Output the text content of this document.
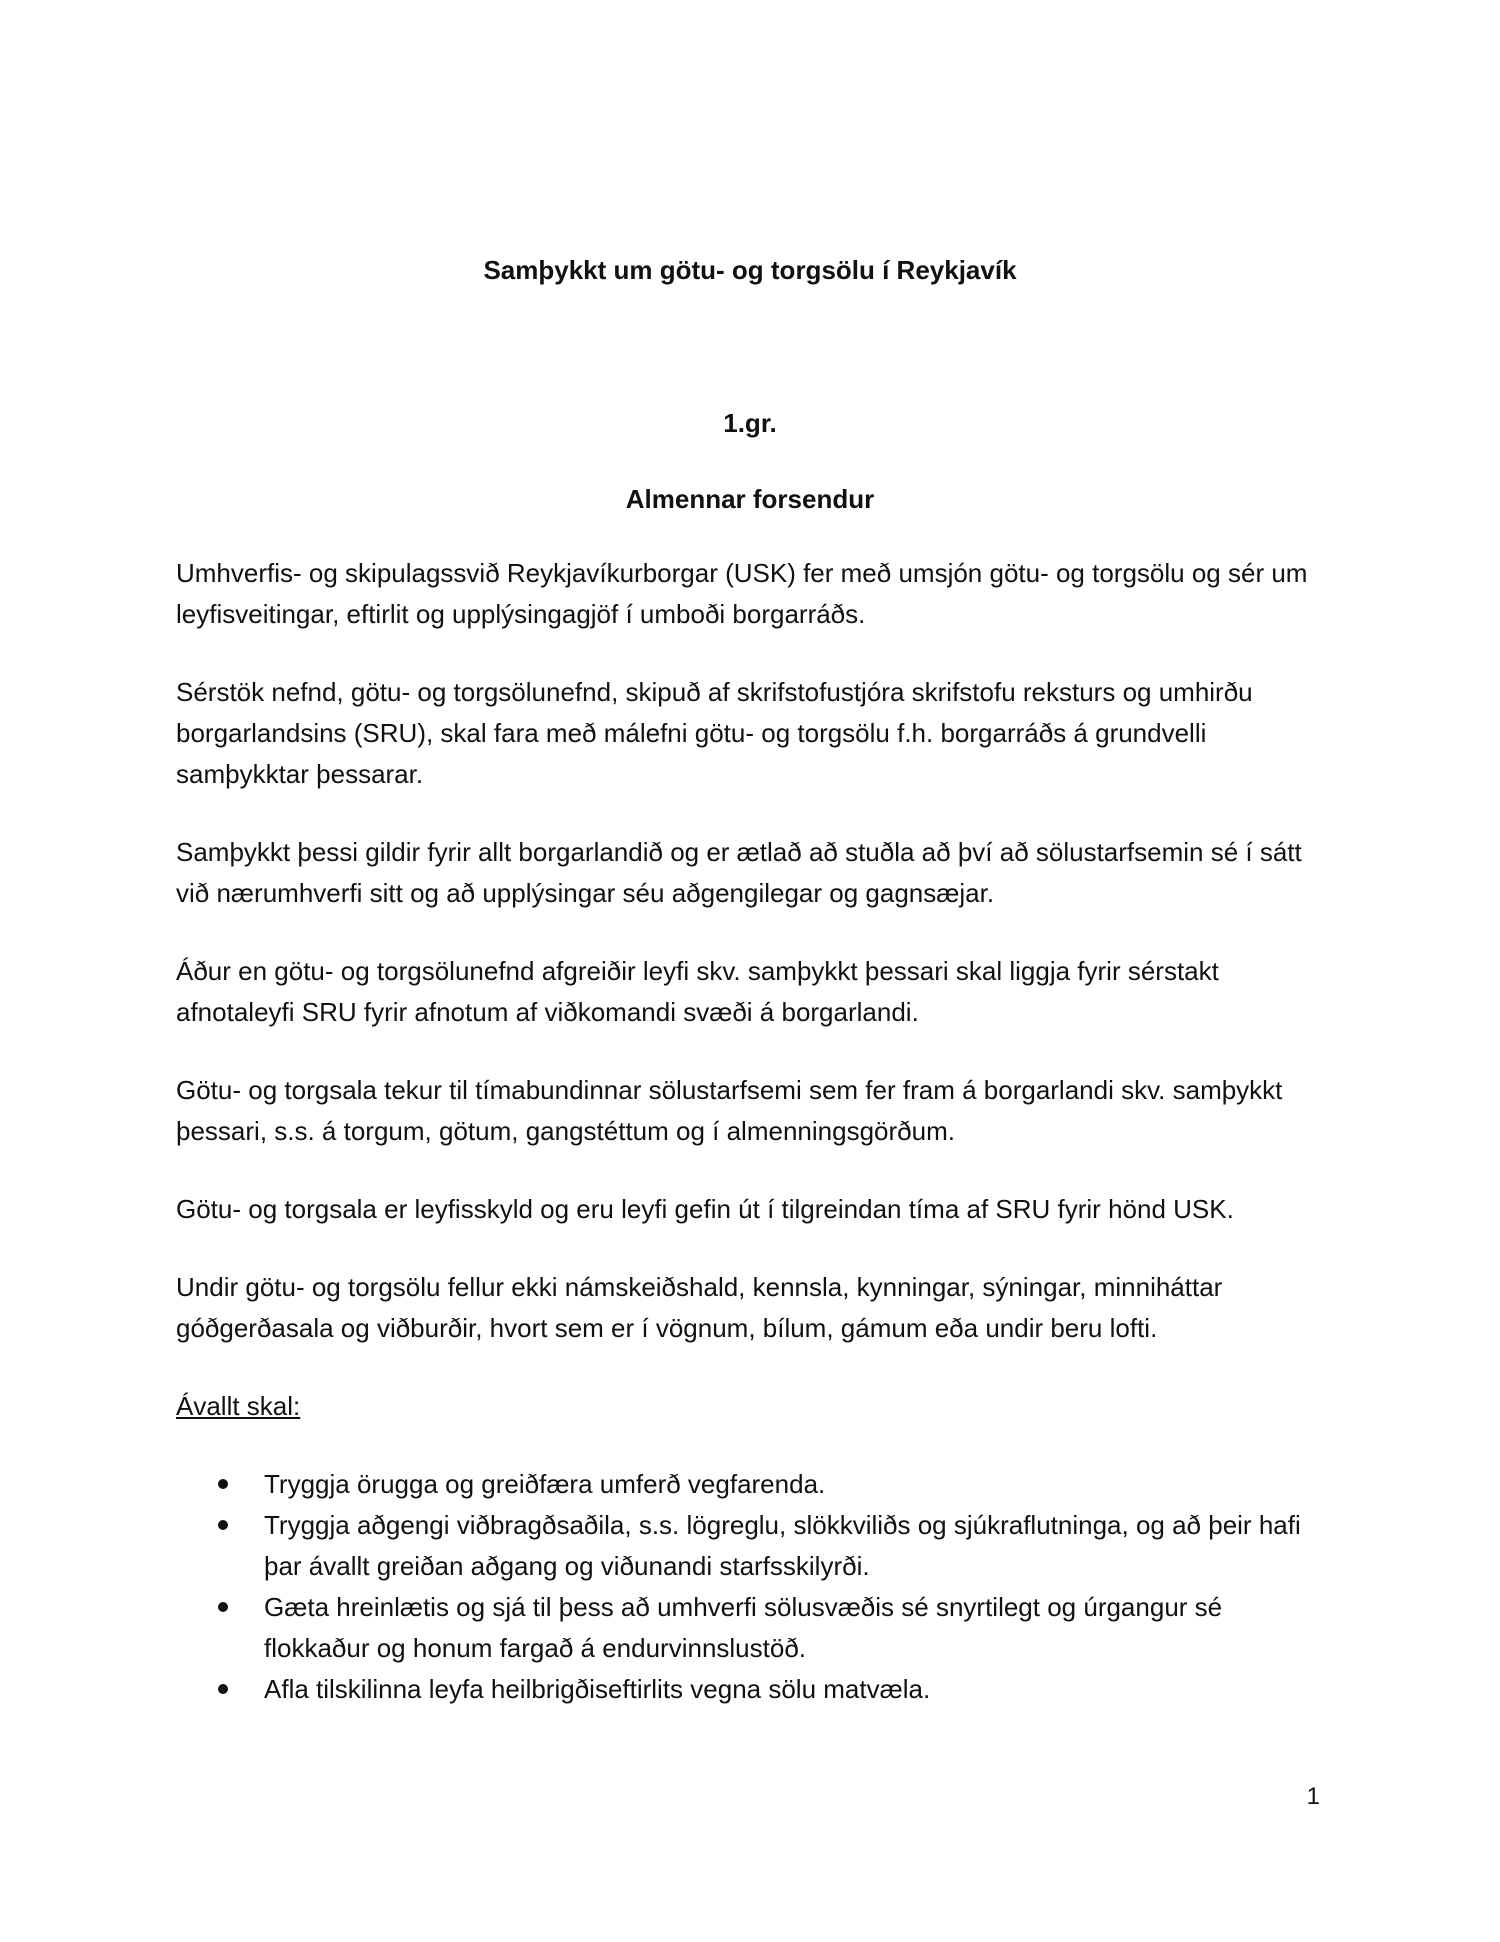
Samþykkt um götu- og torgsölu í Reykjavík
1.gr.
Almennar forsendur

Umhverfis- og skipulagssvið Reykjavíkurborgar (USK) fer með umsjón götu- og torgsölu og sér um leyfisveitingar, eftirlit og upplýsingagjöf í umboði borgarráðs.

Sérstök nefnd, götu- og torgsölunefnd, skipuð af skrifstofustjóra skrifstofu reksturs og umhirðu borgarlandsins (SRU), skal fara með málefni götu- og torgsölu f.h. borgarráðs á grundvelli samþykktar þessarar.

Samþykkt þessi gildir fyrir allt borgarlandið og er ætlað að stuðla að því að sölustarfsemin sé í sátt við nærumhverfi sitt og að upplýsingar séu aðgengilegar og gagnsæjar.

Áður en götu- og torgsölunefnd afgreiðir leyfi skv. samþykkt þessari skal liggja fyrir sérstakt afnotaleyfi SRU fyrir afnotum af viðkomandi svæði á borgarlandi.

Götu- og torgsala tekur til tímabundinnar sölustarfsemi sem fer fram á borgarlandi skv. samþykkt þessari, s.s. á torgum, götum, gangstéttum og í almenningsgörðum.

Götu- og torgsala er leyfisskyld og eru leyfi gefin út í tilgreindan tíma af SRU fyrir hönd USK.

Undir götu- og torgsölu fellur ekki námskeiðshald, kennsla, kynningar, sýningar, minniháttar góðgerðasala og viðburðir, hvort sem er í vögnum, bílum, gámum eða undir beru lofti.

Ávallt skal:

Tryggja örugga og greiðfæra umferð vegfarenda.
Tryggja aðgengi viðbragðsaðila, s.s. lögreglu, slökkviliðs og sjúkraflutninga, og að þeir hafi þar ávallt greiðan aðgang og viðunandi starfsskilyrði.
Gæta hreinlætis og sjá til þess að umhverfi sölusvæðis sé snyrtilegt og úrgangur sé flokkaður og honum fargað á endurvinnslustöð.
Afla tilskilinna leyfa heilbrigðiseftirlits vegna sölu matvæla.
1
